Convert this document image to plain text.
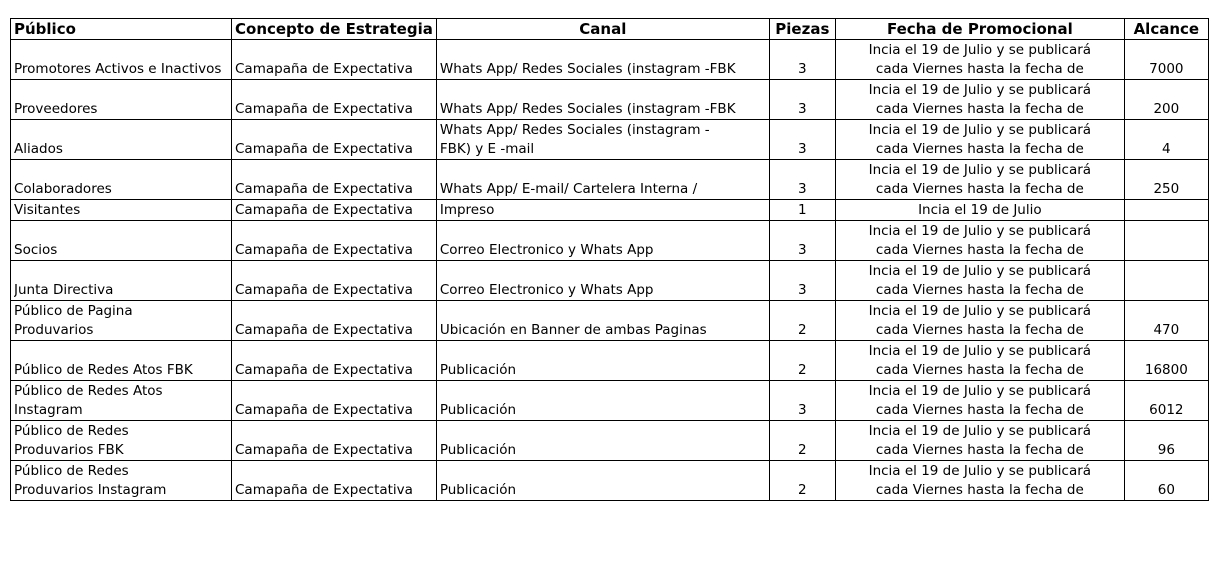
Público	Concepto de Estrategia	Canal	Piezas	Fecha de Promocional	Alcance

Promotores Activos e Inactivos	Camapaña de Expectativa	Whats App/ Redes Sociales (instagram -FBK	3	Incia el 19 de Julio y se publicará
cada Viernes hasta la fecha de	7000

Proveedores	Camapaña de Expectativa	Whats App/ Redes Sociales (instagram -FBK	3	Incia el 19 de Julio y se publicará
cada Viernes hasta la fecha de	200

Aliados	Camapaña de Expectativa	Whats App/ Redes Sociales (instagram -
FBK) y E -mail	3	Incia el 19 de Julio y se publicará
cada Viernes hasta la fecha de	4

Colaboradores	Camapaña de Expectativa	Whats App/ E-mail/ Cartelera Interna /	3	Incia el 19 de Julio y se publicará
cada Viernes hasta la fecha de	250

Visitantes	Camapaña de Expectativa	Impreso	1	Incia el 19 de Julio	

Socios	Camapaña de Expectativa	Correo Electronico y Whats App	3	Incia el 19 de Julio y se publicará
cada Viernes hasta la fecha de	

Junta Directiva	Camapaña de Expectativa	Correo Electronico y Whats App	3	Incia el 19 de Julio y se publicará
cada Viernes hasta la fecha de	

Público de Pagina
Produvarios	Camapaña de Expectativa	Ubicación en Banner de ambas Paginas	2	Incia el 19 de Julio y se publicará
cada Viernes hasta la fecha de	470

Público de Redes Atos FBK	Camapaña de Expectativa	Publicación	2	Incia el 19 de Julio y se publicará
cada Viernes hasta la fecha de	16800

Público de Redes Atos
Instagram	Camapaña de Expectativa	Publicación	3	Incia el 19 de Julio y se publicará
cada Viernes hasta la fecha de	6012

Público de Redes
Produvarios FBK	Camapaña de Expectativa	Publicación	2	Incia el 19 de Julio y se publicará
cada Viernes hasta la fecha de	96

Público de Redes
Produvarios Instagram	Camapaña de Expectativa	Publicación	2	Incia el 19 de Julio y se publicará
cada Viernes hasta la fecha de	60
